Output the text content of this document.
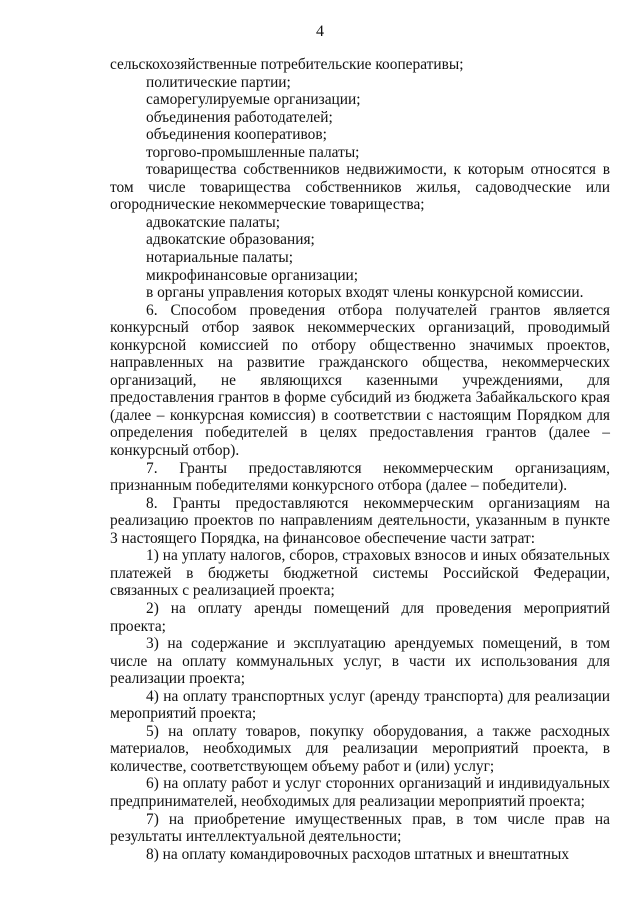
4

сельскохозяйственные потребительские кооперативы;

политические партии;

саморегулируемые организации;

объединения работодателей;

объединения кооперативов;

торгово-промышленные палаты;

товарищества собственников недвижимости, к которым относятся в том числе товарищества собственников жилья, садоводческие или огороднические некоммерческие товарищества;

адвокатские палаты;

адвокатские образования;

нотариальные палаты;

микрофинансовые организации;

в органы управления которых входят члены конкурсной комиссии.

6. Способом проведения отбора получателей грантов является конкурсный отбор заявок некоммерческих организаций, проводимый конкурсной комиссией по отбору общественно значимых проектов, направленных на развитие гражданского общества, некоммерческих организаций, не являющихся казенными учреждениями, для предоставления грантов в форме субсидий из бюджета Забайкальского края (далее – конкурсная комиссия) в соответствии с настоящим Порядком для определения победителей в целях предоставления грантов (далее – конкурсный отбор).

7. Гранты предоставляются некоммерческим организациям, признанным победителями конкурсного отбора (далее – победители).

8. Гранты предоставляются некоммерческим организациям на реализацию проектов по направлениям деятельности, указанным в пункте 3 настоящего Порядка, на финансовое обеспечение части затрат:

1) на уплату налогов, сборов, страховых взносов и иных обязательных платежей в бюджеты бюджетной системы Российской Федерации, связанных с реализацией проекта;

2) на оплату аренды помещений для проведения мероприятий проекта;

3) на содержание и эксплуатацию арендуемых помещений, в том числе на оплату коммунальных услуг, в части их использования для реализации проекта;

4) на оплату транспортных услуг (аренду транспорта) для реализации мероприятий проекта;

5) на оплату товаров, покупку оборудования, а также расходных материалов, необходимых для реализации мероприятий проекта, в количестве, соответствующем объему работ и (или) услуг;

6) на оплату работ и услуг сторонних организаций и индивидуальных предпринимателей, необходимых для реализации мероприятий проекта;

7) на приобретение имущественных прав, в том числе прав на результаты интеллектуальной деятельности;

8) на оплату командировочных расходов штатных и внештатных
